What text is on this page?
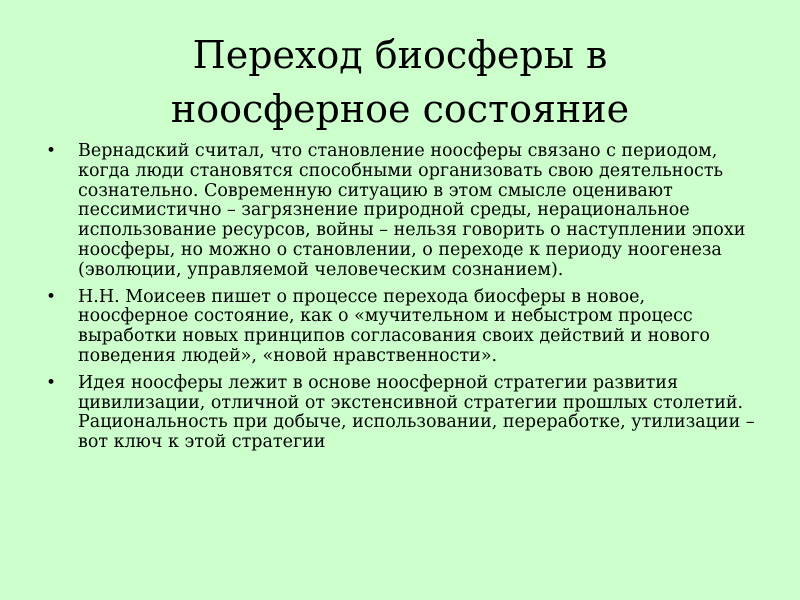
Переход биосферы в
ноосферное состояние
•	Вернадский считал, что становление ноосферы связано с периодом, когда люди становятся способными организовать свою деятельность сознательно. Современную ситуацию в этом смысле оценивают пессимистично – загрязнение природной среды, нерациональное использование ресурсов, войны – нельзя говорить о наступлении эпохи ноосферы, но можно о становлении, о переходе к периоду ноогенеза (эволюции, управляемой человеческим сознанием).
•	Н.Н. Моисеев пишет о процессе перехода биосферы в новое, ноосферное состояние, как о «мучительном и небыстром процесс выработки новых принципов согласования своих действий и нового поведения людей», «новой нравственности».
•	Идея ноосферы лежит в основе ноосферной стратегии развития цивилизации, отличной от экстенсивной стратегии прошлых столетий. Рациональность при добыче, использовании, переработке, утилизации – вот ключ к этой стратегии
